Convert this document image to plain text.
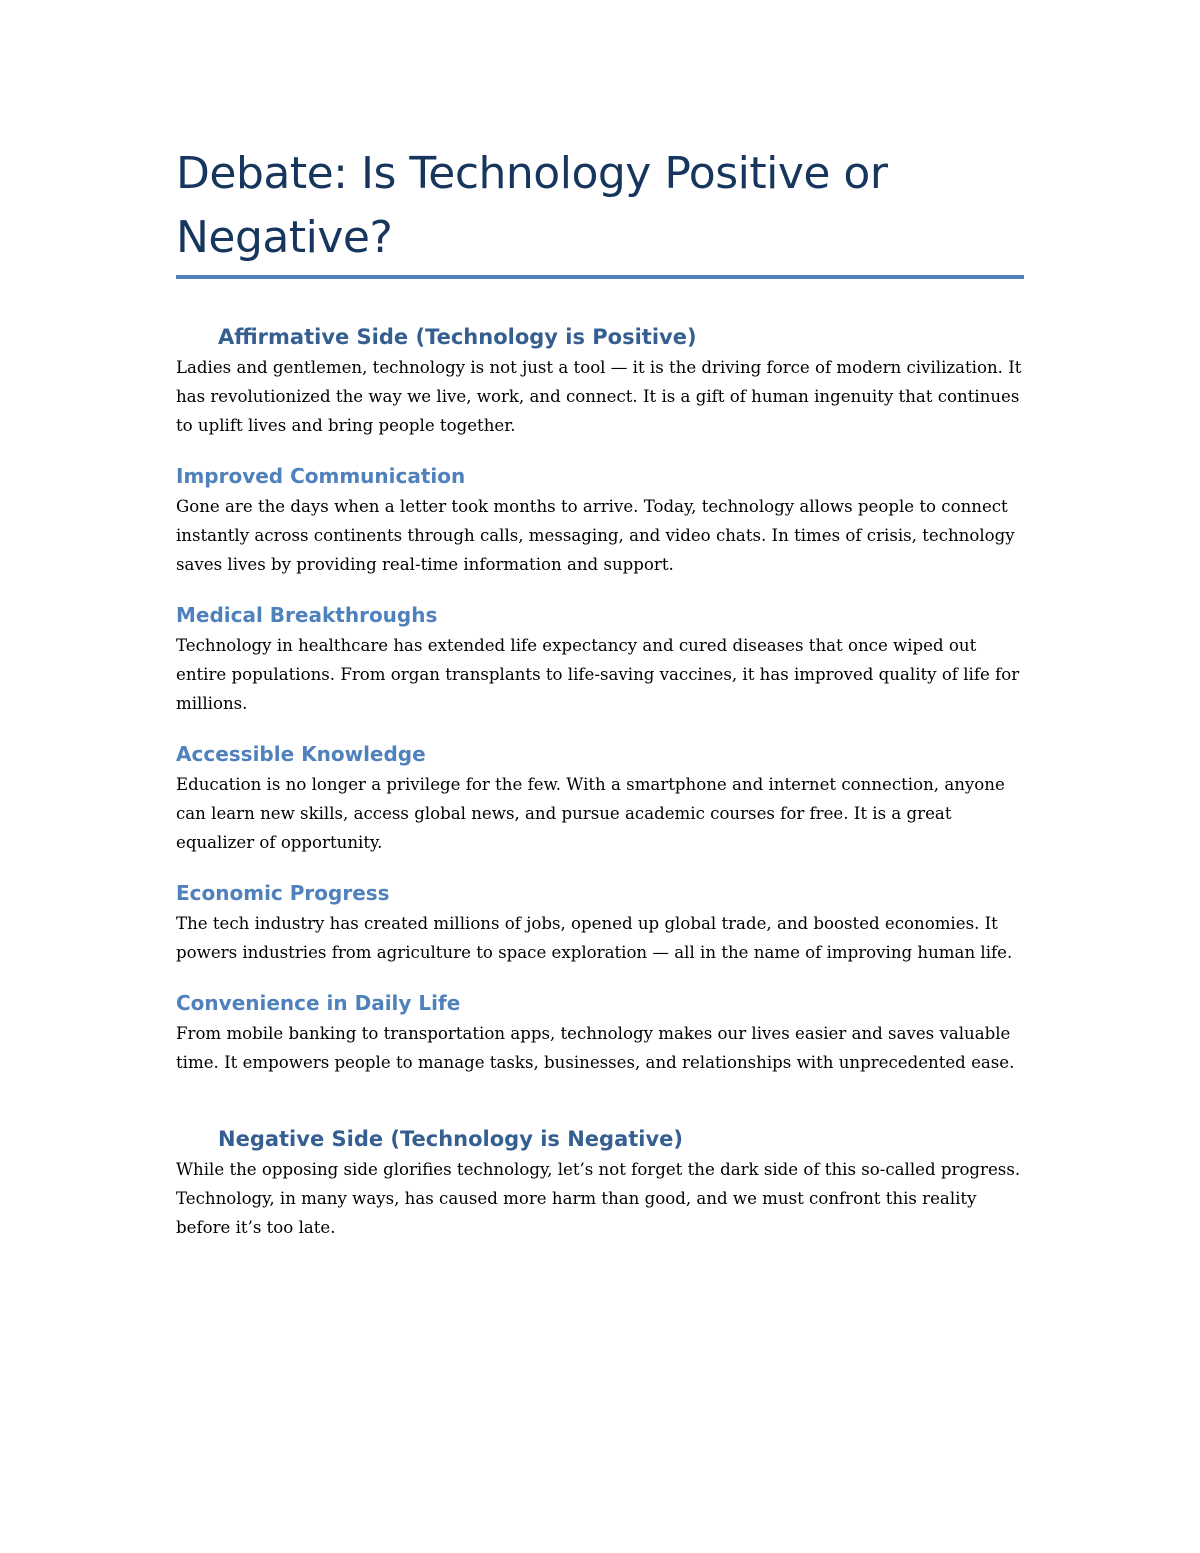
Debate: Is Technology Positive or Negative?
Affirmative Side (Technology is Positive)

Ladies and gentlemen, technology is not just a tool — it is the driving force of modern civilization. It has revolutionized the way we live, work, and connect. It is a gift of human ingenuity that continues to uplift lives and bring people together.

Improved Communication

Gone are the days when a letter took months to arrive. Today, technology allows people to connect instantly across continents through calls, messaging, and video chats. In times of crisis, technology saves lives by providing real-time information and support.

Medical Breakthroughs

Technology in healthcare has extended life expectancy and cured diseases that once wiped out entire populations. From organ transplants to life-saving vaccines, it has improved quality of life for millions.

Accessible Knowledge

Education is no longer a privilege for the few. With a smartphone and internet connection, anyone can learn new skills, access global news, and pursue academic courses for free. It is a great equalizer of opportunity.

Economic Progress

The tech industry has created millions of jobs, opened up global trade, and boosted economies. It powers industries from agriculture to space exploration — all in the name of improving human life.

Convenience in Daily Life

From mobile banking to transportation apps, technology makes our lives easier and saves valuable time. It empowers people to manage tasks, businesses, and relationships with unprecedented ease.

Negative Side (Technology is Negative)

While the opposing side glorifies technology, let’s not forget the dark side of this so-called progress. Technology, in many ways, has caused more harm than good, and we must confront this reality before it’s too late.
